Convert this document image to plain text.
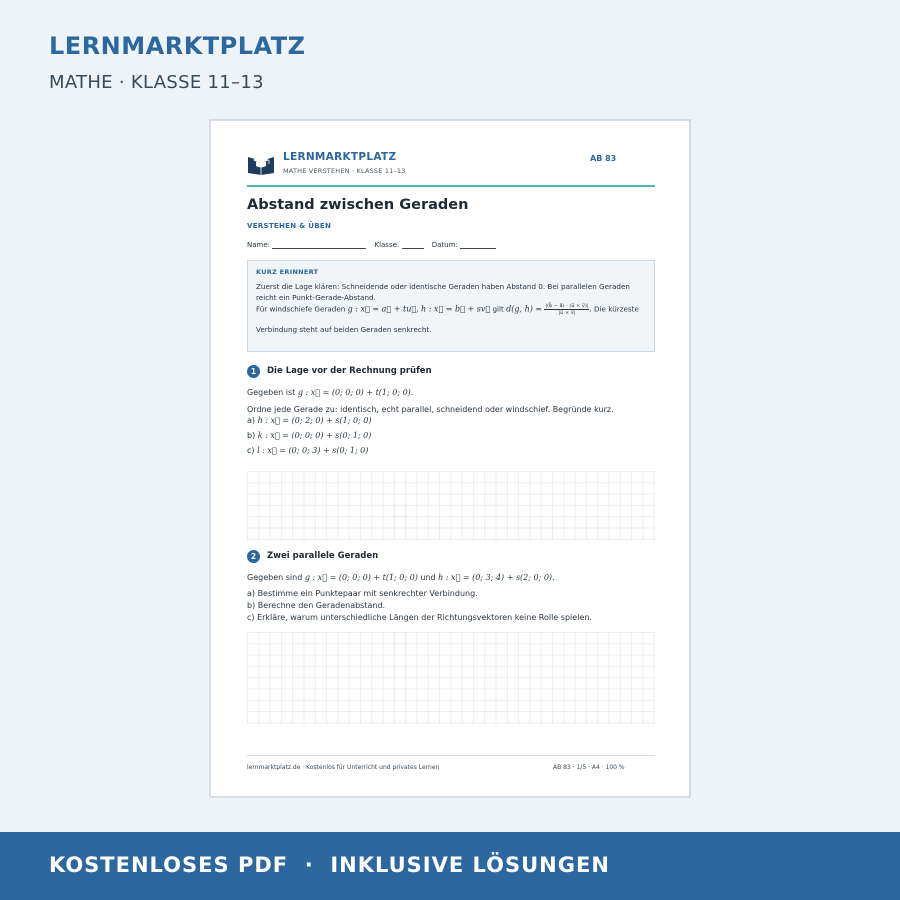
LERNMARKTPLATZ
MATHE · KLASSE 11–13
LERNMARKTPLATZ
MATHE VERSTEHEN · KLASSE 11–13
AB 83
Abstand zwischen Geraden
VERSTEHEN & ÜBEN
Name:	Klasse:	Datum:
KURZ ERINNERT
Zuerst die Lage klären: Schneidende oder identische Geraden haben Abstand 0. Bei parallelen Geraden reicht ein Punkt-Gerade-Abstand.
Für windschiefe Geraden g : x⃗ = a⃗ + tu⃗, h : x⃗ = b⃗ + sv⃗ gilt d(g, $h) = \frac{|(b⃗ - a⃗) \cdot (u⃗ \times v⃗)|}{|u⃗ \times v⃗|}$ . Die kürzeste
Verbindung steht auf beiden Geraden senkrecht.
1	Die Lage vor der Rechnung prüfen
Gegeben ist g : x⃗ = (0; 0; 0) + t(1; 0; 0).
Ordne jede Gerade zu: identisch, echt parallel, schneidend oder windschief. Begründe kurz.
a) h : x⃗ = (0; 2; 0) + s(1; 0; 0)
b) k : x⃗ = (0; 0; 0) + s(0; 1; 0)
c) l : x⃗ = (0; 0; 3) + s(0; 1; 0)
2	Zwei parallele Geraden
Gegeben sind g : x⃗ = (0; 0; 0) + t(1; 0; 0) und h : x⃗ = (0; 3; 4) + s(2; 0; 0).
a) Bestimme ein Punktepaar mit senkrechter Verbindung.
b) Berechne den Geradenabstand.
c) Erkläre, warum unterschiedliche Längen der Richtungsvektoren keine Rolle spielen.
lernmarktplatz.de · Kostenlos für Unterricht und privates Lernen	AB 83 · 1/5 · A4 · 100 %
KOSTENLOSES PDF  ·  INKLUSIVE LÖSUNGEN
